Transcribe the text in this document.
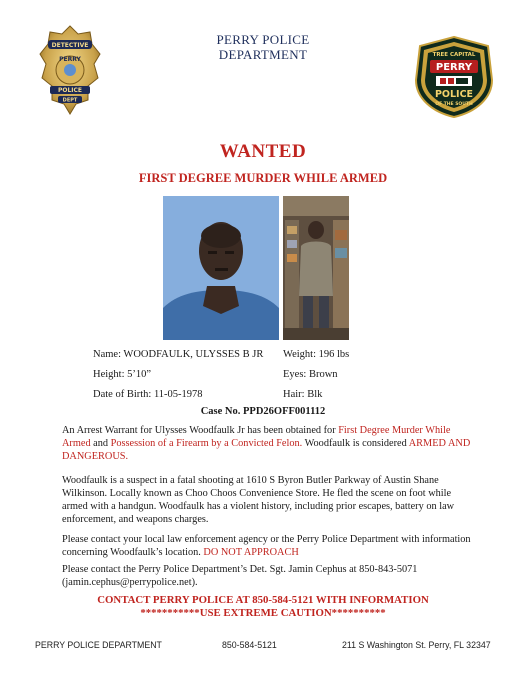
PERRY POLICE
DEPARTMENT
DETECTIVE
PERRY
POLICE
DEPT
TREE CAPITAL
PERRY
POLICE
OF THE SOUTH
WANTED
FIRST DEGREE MURDER WHILE ARMED
Name: WOODFAULK, ULYSSES B JR
Height: 5’10”
Date of Birth: 11-05-1978
Weight: 196 lbs
Eyes: Brown
Hair: Blk
Case No. PPD26OFF001112
An Arrest Warrant for Ulysses Woodfaulk Jr has been obtained for First Degree Murder While Armed and Possession of a Firearm by a Convicted Felon. Woodfaulk is considered ARMED AND DANGEROUS.
Woodfaulk is a suspect in a fatal shooting at 1610 S Byron Butler Parkway of Austin Shane Wilkinson. Locally known as Choo Choos Convenience Store. He fled the scene on foot while armed with a handgun. Woodfaulk has a violent history, including prior escapes, battery on law enforcement, and weapons charges.
Please contact your local law enforcement agency or the Perry Police Department with information concerning Woodfaulk’s location. DO NOT APPROACH
Please contact the Perry Police Department’s Det. Sgt. Jamin Cephus at 850-843-5071 (jamin.cephus@perrypolice.net).
CONTACT PERRY POLICE AT 850-584-5121 WITH INFORMATION
***********USE EXTREME CAUTION**********
PERRY POLICE DEPARTMENT	850-584-5121	211 S Washington St. Perry, FL 32347
